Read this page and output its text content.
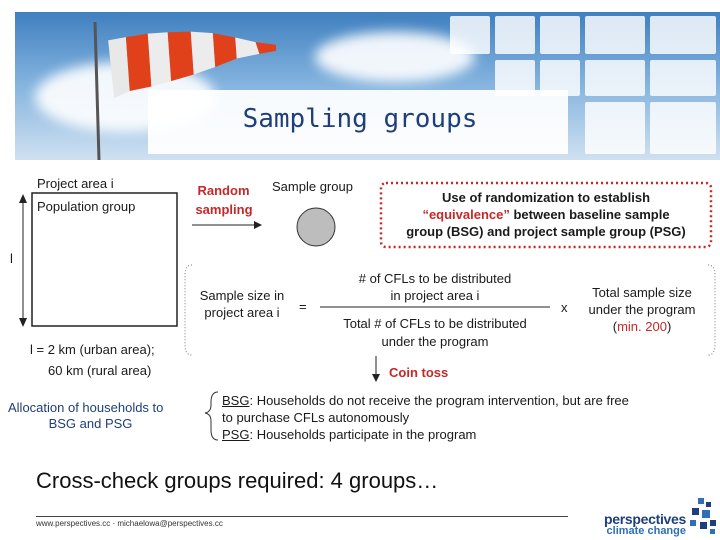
Sampling groups
Project area i
Population group
l
l = 2 km (urban area);
60 km (rural area)
Allocation of households to
BSG and PSG
Random
sampling
Sample group
Use of randomization to establish
“equivalence” between baseline sample
group (BSG) and project sample group (PSG)
Sample size in
project area i	=
# of CFLs to be distributed
in project area i
Total # of CFLs to be distributed
under the program
x
Total sample size
under the program
(min. 200)
Coin toss
BSG: Households do not receive the program intervention, but are free
to purchase CFLs autonomously
PSG: Households participate in the program
Cross-check groups required: 4 groups…
www.perspectives.cc · michaelowa@perspectives.cc	perspectives
climate change
